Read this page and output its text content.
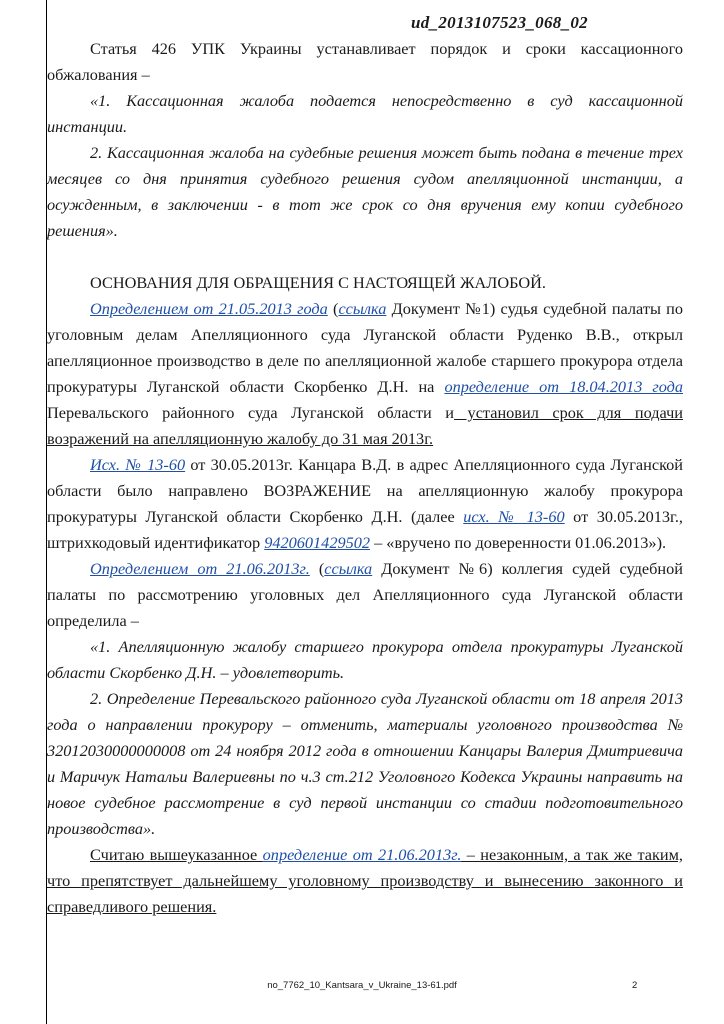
ud_2013107523_068_02

Статья 426 УПК Украины устанавливает порядок и сроки кассационного обжалования –

«1. Кассационная жалоба подается непосредственно в суд кассационной инстанции.

2. Кассационная жалоба на судебные решения может быть подана в течение трех месяцев со дня принятия судебного решения судом апелляционной инстанции, а осужденным, в заключении - в тот же срок со дня вручения ему копии судебного решения».

ОСНОВАНИЯ ДЛЯ ОБРАЩЕНИЯ С НАСТОЯЩЕЙ ЖАЛОБОЙ.

Определением от 21.05.2013 года (ссылка Документ №1) судья судебной палаты по уголовным делам Апелляционного суда Луганской области Руденко В.В., открыл апелляционное производство в деле по апелляционной жалобе старшего прокурора отдела прокуратуры Луганской области Скорбенко Д.Н. на определение от 18.04.2013 года Перевальского районного суда Луганской области и установил срок для подачи возражений на апелляционную жалобу до 31 мая 2013г.

Исх. № 13-60 от 30.05.2013г. Канцара В.Д. в адрес Апелляционного суда Луганской области было направлено ВОЗРАЖЕНИЕ на апелляционную жалобу прокурора прокуратуры Луганской области Скорбенко Д.Н. (далее исх. № 13-60 от 30.05.2013г., штрихкодовый идентификатор 9420601429502 – «вручено по доверенности 01.06.2013»).

Определением от 21.06.2013г. (ссылка Документ №6) коллегия судей судебной палаты по рассмотрению уголовных дел Апелляционного суда Луганской области определила –

«1. Апелляционную жалобу старшего прокурора отдела прокуратуры Луганской области Скорбенко Д.Н. – удовлетворить.

2. Определение Перевальского районного суда Луганской области от 18 апреля 2013 года о направлении прокурору – отменить, материалы уголовного производства № 32012030000000008 от 24 ноября 2012 года в отношении Канцары Валерия Дмитриевича и Маричук Натальи Валериевны по ч.3 ст.212 Уголовного Кодекса Украины направить на новое судебное рассмотрение в суд первой инстанции со стадии подготовительного производства».

Считаю вышеуказанное определение от 21.06.2013г. – незаконным, а так же таким, что препятствует дальнейшему уголовному производству и вынесению законного и справедливого решения.

no_7762_10_Kantsara_v_Ukraine_13-61.pdf	2
